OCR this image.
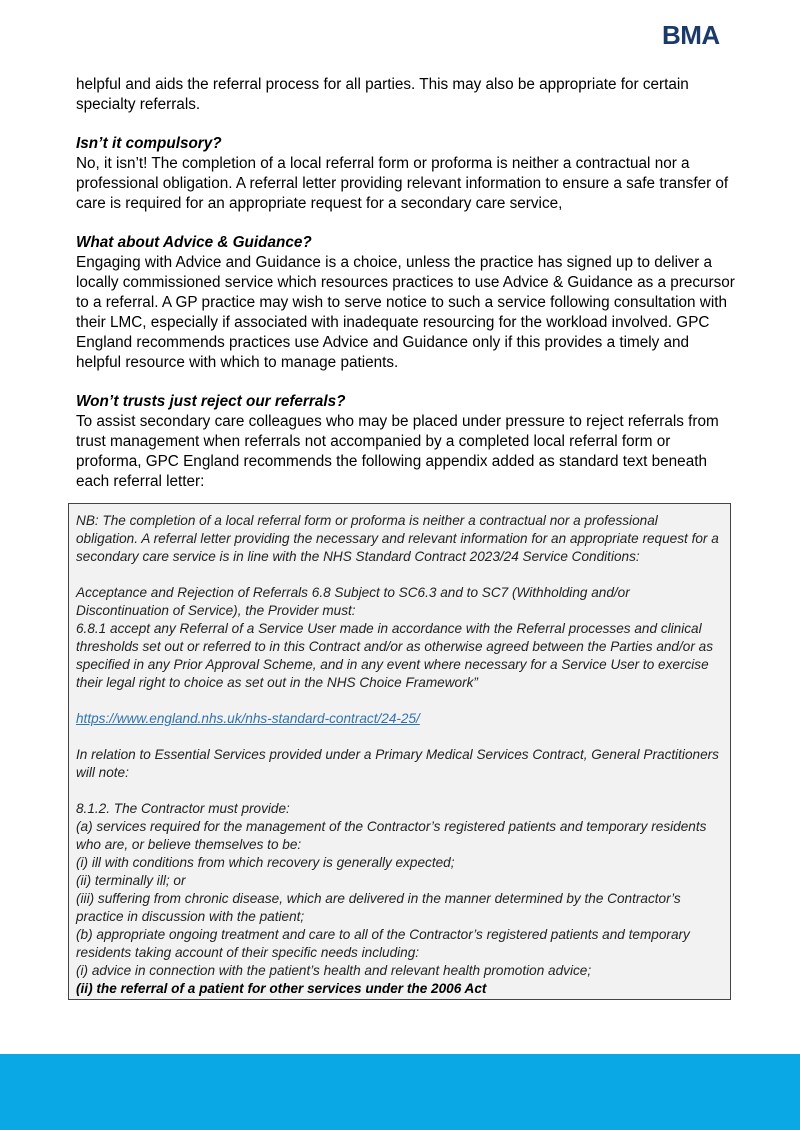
BMA

helpful and aids the referral process for all parties. This may also be appropriate for certain specialty referrals.

Isn’t it compulsory?
No, it isn’t! The completion of a local referral form or proforma is neither a contractual nor a professional obligation. A referral letter providing relevant information to ensure a safe transfer of care is required for an appropriate request for a secondary care service,

What about Advice & Guidance?
Engaging with Advice and Guidance is a choice, unless the practice has signed up to deliver a locally commissioned service which resources practices to use Advice & Guidance as a precursor to a referral. A GP practice may wish to serve notice to such a service following consultation with their LMC, especially if associated with inadequate resourcing for the workload involved. GPC England recommends practices use Advice and Guidance only if this provides a timely and helpful resource with which to manage patients.

Won’t trusts just reject our referrals?
To assist secondary care colleagues who may be placed under pressure to reject referrals from trust management when referrals not accompanied by a completed local referral form or proforma, GPC England recommends the following appendix added as standard text beneath each referral letter:

NB: The completion of a local referral form or proforma is neither a contractual nor a professional obligation. A referral letter providing the necessary and relevant information for an appropriate request for a secondary care service is in line with the NHS Standard Contract 2023/24 Service Conditions:

Acceptance and Rejection of Referrals 6.8 Subject to SC6.3 and to SC7 (Withholding and/or Discontinuation of Service), the Provider must:
6.8.1 accept any Referral of a Service User made in accordance with the Referral processes and clinical thresholds set out or referred to in this Contract and/or as otherwise agreed between the Parties and/or as specified in any Prior Approval Scheme, and in any event where necessary for a Service User to exercise their legal right to choice as set out in the NHS Choice Framework”

https://www.england.nhs.uk/nhs-standard-contract/24-25/

In relation to Essential Services provided under a Primary Medical Services Contract, General Practitioners will note:

8.1.2. The Contractor must provide:
(a) services required for the management of the Contractor’s registered patients and temporary residents who are, or believe themselves to be:
(i) ill with conditions from which recovery is generally expected;
(ii) terminally ill; or
(iii) suffering from chronic disease, which are delivered in the manner determined by the Contractor’s practice in discussion with the patient;
(b) appropriate ongoing treatment and care to all of the Contractor’s registered patients and temporary residents taking account of their specific needs including:
(i) advice in connection with the patient’s health and relevant health promotion advice;
(ii) the referral of a patient for other services under the 2006 Act
